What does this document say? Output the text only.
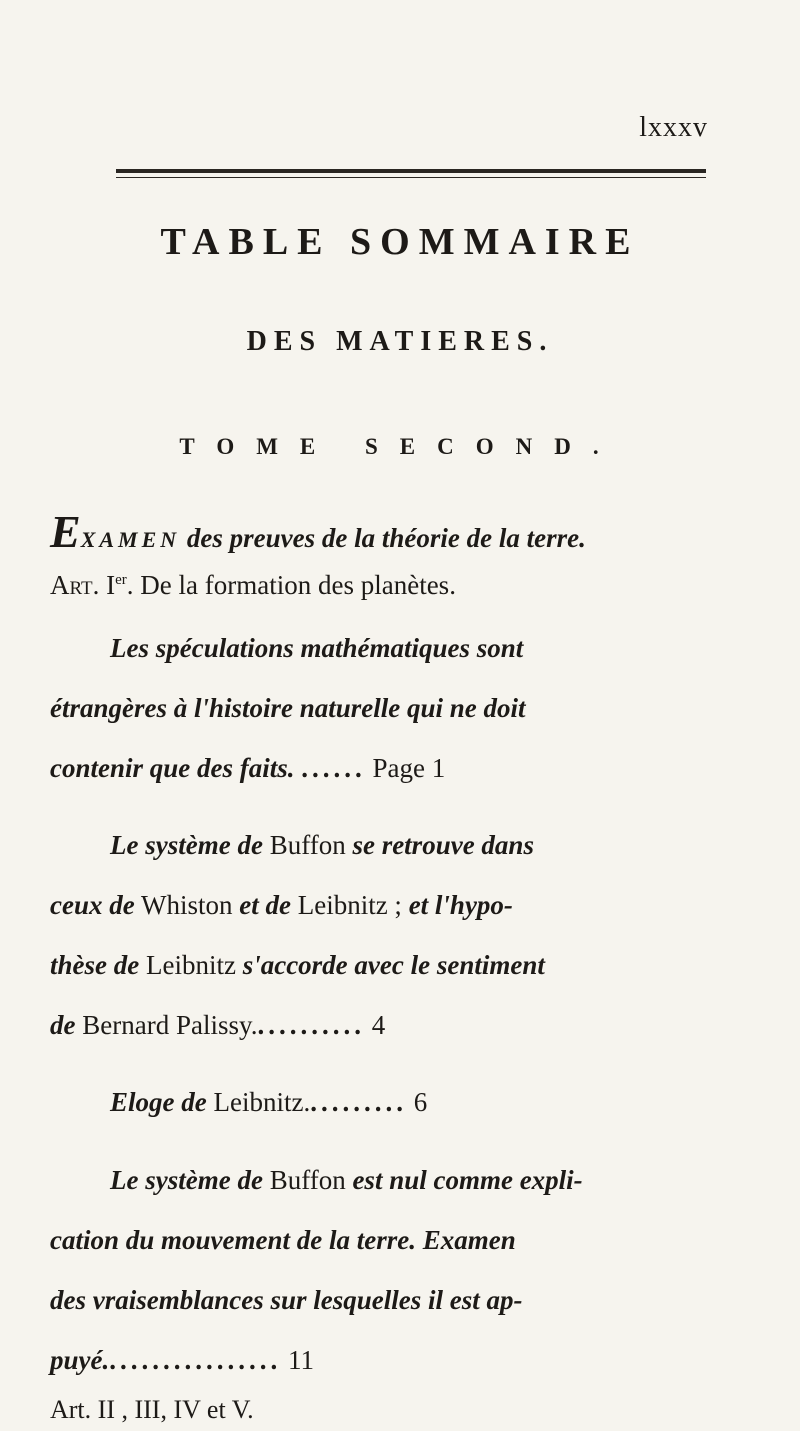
lxxxv
TABLE SOMMAIRE
DES MATIERES.
TOME SECOND.
EXAMEN des preuves de la théorie de la terre.
Art. Ier. De la formation des planètes.
Les spéculations mathématiques sont
étrangères à l'histoire naturelle qui ne doit
contenir que des faits. ...... Page 1
Le système de Buffon se retrouve dans
ceux de Whiston et de Leibnitz ; et l'hypo-
thèse de Leibnitz s'accorde avec le sentiment
de Bernard Palissy........... 4
Eloge de Leibnitz.......... 6
Le système de Buffon est nul comme expli-
cation du mouvement de la terre. Examen
des vraisemblances sur lesquelles il est ap-
puyé................. 11
Art. II , III, IV et V.
